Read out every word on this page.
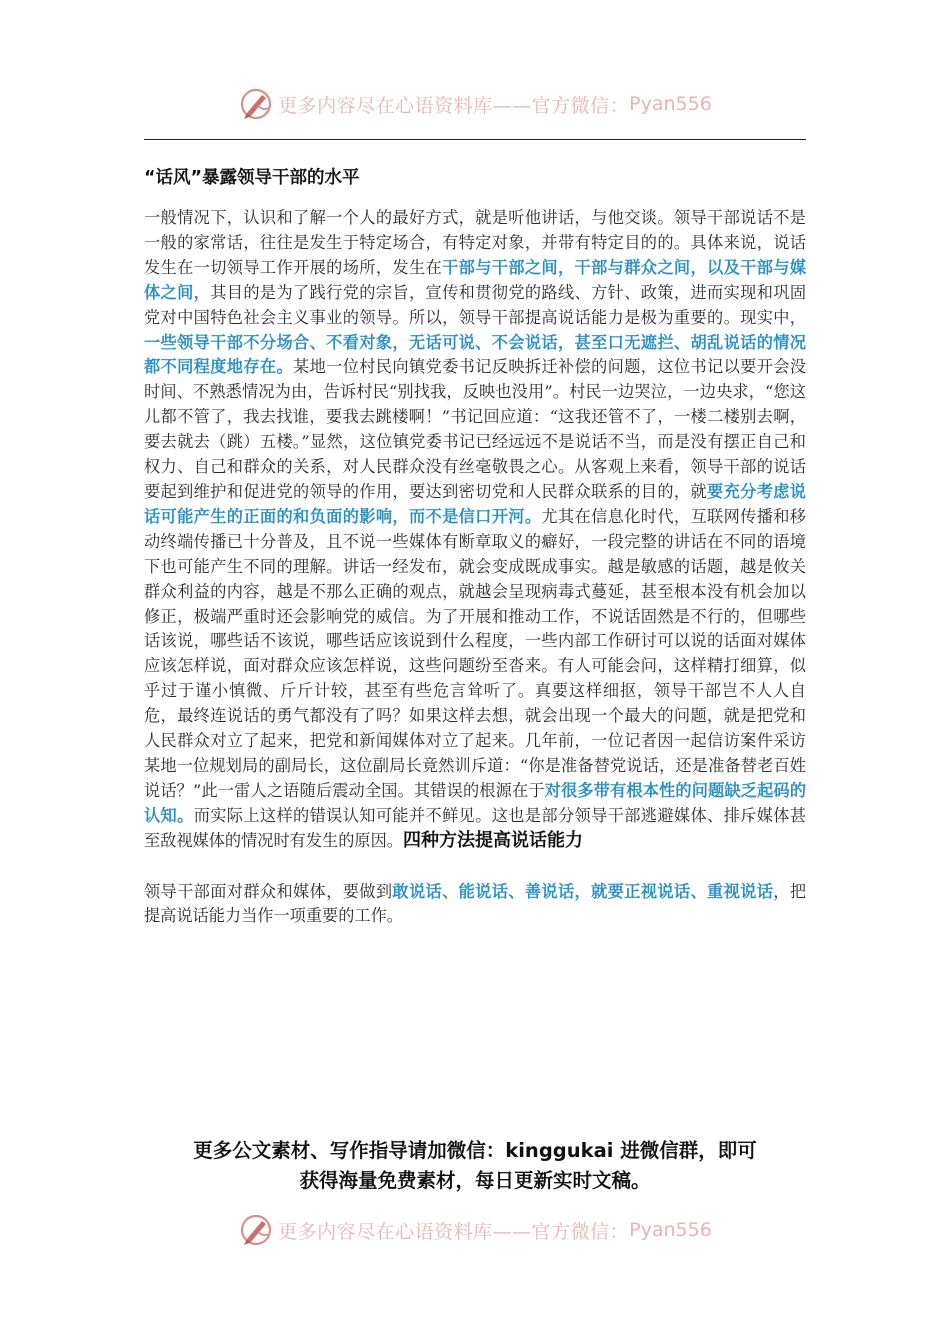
更多内容尽在心语资料库——官方微信： Pyan556
“话风”暴露领导干部的水平

一般情况下，认识和了解一个人的最好方式，就是听他讲话，与他交谈。领导干部说话不是一般的家常话，往往是发生于特定场合，有特定对象，并带有特定目的的。具体来说，说话发生在一切领导工作开展的场所，发生在干部与干部之间，干部与群众之间，以及干部与媒体之间，其目的是为了践行党的宗旨，宣传和贯彻党的路线、方针、政策，进而实现和巩固党对中国特色社会主义事业的领导。所以，领导干部提高说话能力是极为重要的。现实中，一些领导干部不分场合、不看对象，无话可说、不会说话，甚至口无遮拦、胡乱说话的情况都不同程度地存在。某地一位村民向镇党委书记反映拆迁补偿的问题，这位书记以要开会没时间、不熟悉情况为由，告诉村民“别找我，反映也没用”。村民一边哭泣，一边央求，“您这儿都不管了，我去找谁，要我去跳楼啊！”书记回应道：“这我还管不了，一楼二楼别去啊，要去就去（跳）五楼。”显然，这位镇党委书记已经远远不是说话不当，而是没有摆正自己和权力、自己和群众的关系，对人民群众没有丝毫敬畏之心。从客观上来看，领导干部的说话要起到维护和促进党的领导的作用，要达到密切党和人民群众联系的目的，就要充分考虑说话可能产生的正面的和负面的影响，而不是信口开河。尤其在信息化时代，互联网传播和移动终端传播已十分普及，且不说一些媒体有断章取义的癖好，一段完整的讲话在不同的语境下也可能产生不同的理解。讲话一经发布，就会变成既成事实。越是敏感的话题，越是攸关群众利益的内容，越是不那么正确的观点，就越会呈现病毒式蔓延，甚至根本没有机会加以修正，极端严重时还会影响党的威信。为了开展和推动工作，不说话固然是不行的，但哪些话该说，哪些话不该说，哪些话应该说到什么程度，一些内部工作研讨可以说的话面对媒体应该怎样说，面对群众应该怎样说，这些问题纷至沓来。有人可能会问，这样精打细算，似乎过于谨小慎微、斤斤计较，甚至有些危言耸听了。真要这样细抠，领导干部岂不人人自危，最终连说话的勇气都没有了吗？如果这样去想，就会出现一个最大的问题，就是把党和人民群众对立了起来，把党和新闻媒体对立了起来。几年前，一位记者因一起信访案件采访某地一位规划局的副局长，这位副局长竟然训斥道：“你是准备替党说话，还是准备替老百姓说话？”此一雷人之语随后震动全国。其错误的根源在于对很多带有根本性的问题缺乏起码的认知。而实际上这样的错误认知可能并不鲜见。这也是部分领导干部逃避媒体、排斥媒体甚至敌视媒体的情况时有发生的原因。四种方法提高说话能力

领导干部面对群众和媒体，要做到敢说话、能说话、善说话，就要正视说话、重视说话，把提高说话能力当作一项重要的工作。

更多公文素材、写作指导请加微信：kinggukai 进微信群，即可
获得海量免费素材，每日更新实时文稿。
更多内容尽在心语资料库——官方微信： Pyan556
